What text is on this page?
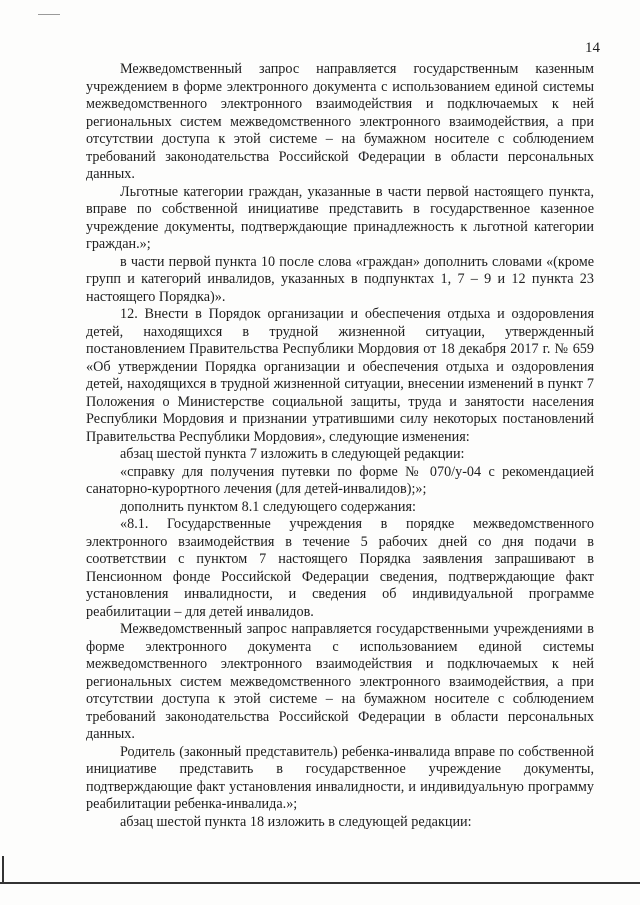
14

Межведомственный запрос направляется государственным казенным учреждением в форме электронного документа с использованием единой системы межведомственного электронного взаимодействия и подключаемых к ней региональных систем межведомственного электронного взаимодействия, а при отсутствии доступа к этой системе – на бумажном носителе с соблюдением требований законодательства Российской Федерации в области персональных данных.

Льготные категории граждан, указанные в части первой настоящего пункта, вправе по собственной инициативе представить в государственное казенное учреждение документы, подтверждающие принадлежность к льготной категории граждан.»;

в части первой пункта 10 после слова «граждан» дополнить словами «(кроме групп и категорий инвалидов, указанных в подпунктах 1, 7 – 9 и 12 пункта 23 настоящего Порядка)».

12. Внести в Порядок организации и обеспечения отдыха и оздоровления детей, находящихся в трудной жизненной ситуации, утвержденный постановлением Правительства Республики Мордовия от 18 декабря 2017 г. № 659 «Об утверждении Порядка организации и обеспечения отдыха и оздоровления детей, находящихся в трудной жизненной ситуации, внесении изменений в пункт 7 Положения о Министерстве социальной защиты, труда и занятости населения Республики Мордовия и признании утратившими силу некоторых постановлений Правительства Республики Мордовия», следующие изменения:

абзац шестой пункта 7 изложить в следующей редакции:

«справку для получения путевки по форме № 070/у-04 с рекомендацией санаторно-курортного лечения (для детей-инвалидов);»;

дополнить пунктом 8.1 следующего содержания:

«8.1. Государственные учреждения в порядке межведомственного электронного взаимодействия в течение 5 рабочих дней со дня подачи в соответствии с пунктом 7 настоящего Порядка заявления запрашивают в Пенсионном фонде Российской Федерации сведения, подтверждающие факт установления инвалидности, и сведения об индивидуальной программе реабилитации – для детей инвалидов.

Межведомственный запрос направляется государственными учреждениями в форме электронного документа с использованием единой системы межведомственного электронного взаимодействия и подключаемых к ней региональных систем межведомственного электронного взаимодействия, а при отсутствии доступа к этой системе – на бумажном носителе с соблюдением требований законодательства Российской Федерации в области персональных данных.

Родитель (законный представитель) ребенка-инвалида вправе по собственной инициативе представить в государственное учреждение документы, подтверждающие факт установления инвалидности, и индивидуальную программу реабилитации ребенка-инвалида.»;

абзац шестой пункта 18 изложить в следующей редакции:
